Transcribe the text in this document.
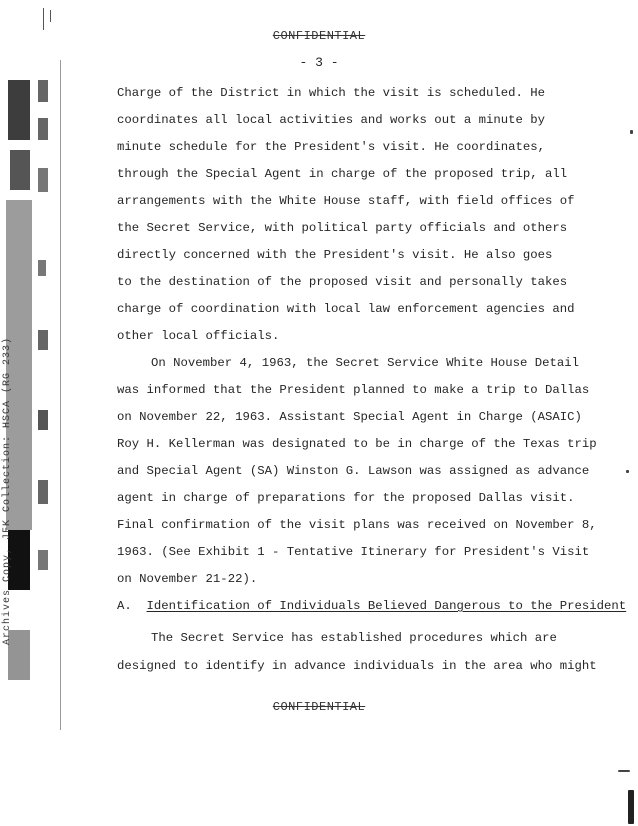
Archives Copy, JFK Collection: HSCA (RG 233)
CONFIDENTIAL
- 3 -
Charge of the District in which the visit is scheduled. He
coordinates all local activities and works out a minute by
minute schedule for the President's visit. He coordinates,
through the Special Agent in charge of the proposed trip, all
arrangements with the White House staff, with field offices of
the Secret Service, with political party officials and others
directly concerned with the President's visit. He also goes
to the destination of the proposed visit and personally takes
charge of coordination with local law enforcement agencies and
other local officials.
On November 4, 1963, the Secret Service White House Detail
was informed that the President planned to make a trip to Dallas
on November 22, 1963. Assistant Special Agent in Charge (ASAIC)
Roy H. Kellerman was designated to be in charge of the Texas trip
and Special Agent (SA) Winston G. Lawson was assigned as advance
agent in charge of preparations for the proposed Dallas visit.
Final confirmation of the visit plans was received on November 8,
1963. (See Exhibit 1 - Tentative Itinerary for President's Visit
on November 21-22).
A. Identification of Individuals Believed Dangerous to the President
The Secret Service has established procedures which are
designed to identify in advance individuals in the area who might
CONFIDENTIAL
